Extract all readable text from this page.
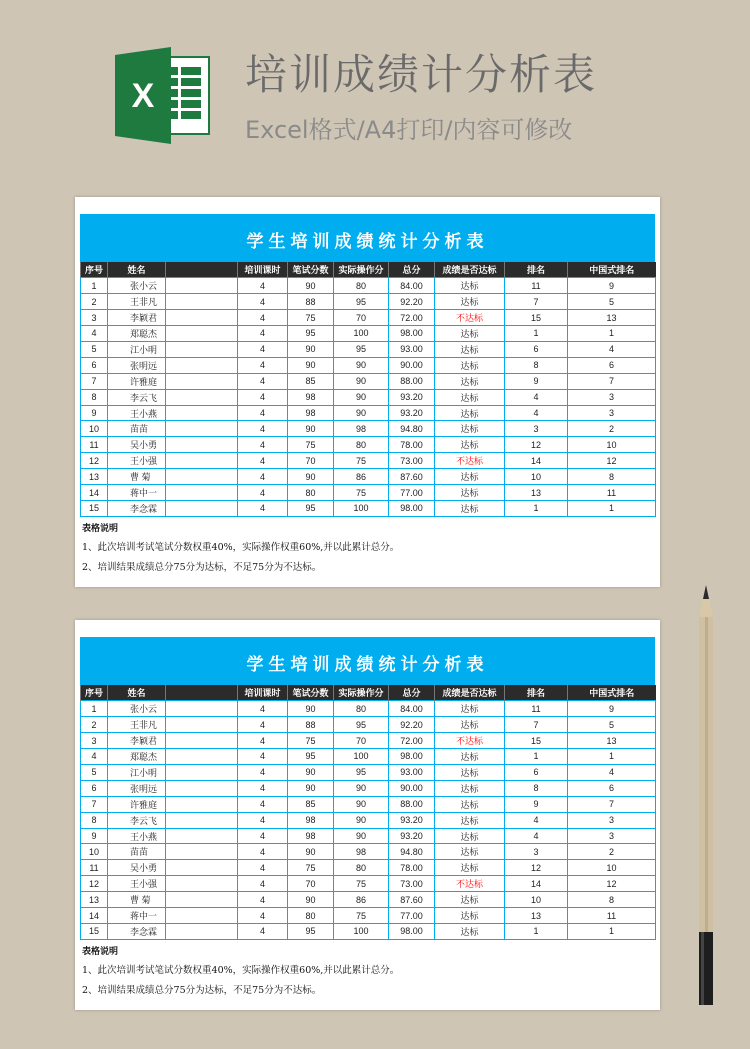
X 培训成绩计分析表
Excel格式/A4打印/内容可修改
学生培训成绩统计分析表
序号	姓名		培训课时	笔试分数	实际操作分	总分	成绩是否达标	排名	中国式排名
1	张小云		4	90	80	84.00	达标	11	9
2	王非凡		4	88	95	92.20	达标	7	5
3	李颖君		4	75	70	72.00	不达标	15	13
4	郑聪杰		4	95	100	98.00	达标	1	1
5	江小明		4	90	95	93.00	达标	6	4
6	张明远		4	90	90	90.00	达标	8	6
7	许雅庭		4	85	90	88.00	达标	9	7
8	李云飞		4	98	90	93.20	达标	4	3
9	王小燕		4	98	90	93.20	达标	4	3
10	苗苗		4	90	98	94.80	达标	3	2
11	吴小勇		4	75	80	78.00	达标	12	10
12	王小强		4	70	75	73.00	不达标	14	12
13	曹 菊		4	90	86	87.60	达标	10	8
14	蒋中一		4	80	75	77.00	达标	13	11
15	李念霖		4	95	100	98.00	达标	1	1
表格说明
1、此次培训考试笔试分数权重40%，实际操作权重60%,并以此累计总分。
2、培训结果成绩总分75分为达标，不足75分为不达标。
学生培训成绩统计分析表
序号	姓名		培训课时	笔试分数	实际操作分	总分	成绩是否达标	排名	中国式排名
1	张小云		4	90	80	84.00	达标	11	9
2	王非凡		4	88	95	92.20	达标	7	5
3	李颖君		4	75	70	72.00	不达标	15	13
4	郑聪杰		4	95	100	98.00	达标	1	1
5	江小明		4	90	95	93.00	达标	6	4
6	张明远		4	90	90	90.00	达标	8	6
7	许雅庭		4	85	90	88.00	达标	9	7
8	李云飞		4	98	90	93.20	达标	4	3
9	王小燕		4	98	90	93.20	达标	4	3
10	苗苗		4	90	98	94.80	达标	3	2
11	吴小勇		4	75	80	78.00	达标	12	10
12	王小强		4	70	75	73.00	不达标	14	12
13	曹 菊		4	90	86	87.60	达标	10	8
14	蒋中一		4	80	75	77.00	达标	13	11
15	李念霖		4	95	100	98.00	达标	1	1
表格说明
1、此次培训考试笔试分数权重40%，实际操作权重60%,并以此累计总分。
2、培训结果成绩总分75分为达标，不足75分为不达标。
